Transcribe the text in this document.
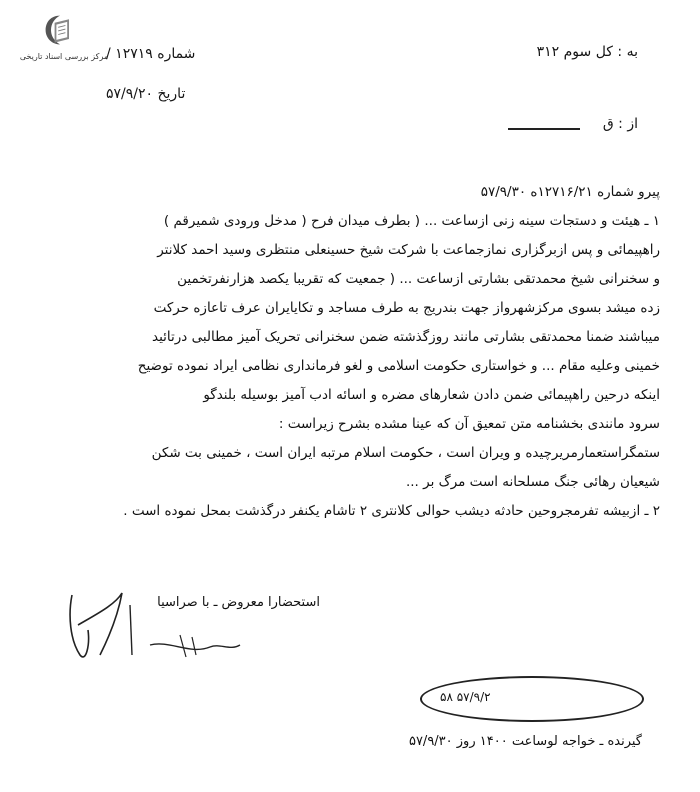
مرکز بررسی اسناد تاریخی	به : کل سوم ۳۱۲
شماره ۱۲۷۱۹ /
تاریخ ۵۷/۹/۲۰
از : ق
پیرو شماره ۱۲۷۱۶/۲۱ه ۵۷/۹/۳۰
۱ ـ هیئت و دستجات سینه زنی ازساعت ... ( بطرف میدان فرح ( مدخل ورودی شمیرقم )
راهپیمائی و پس ازبرگزاری نمازجماعت با شرکت شیخ حسینعلی منتظری وسید احمد کلانتر
و سخنرانی شیخ محمدتقی بشارتی ازساعت ... ( جمعیت که تقریبا یکصد هزارنفرتخمین
زده میشد بسوی مرکزشهرواز جهت بندریج به طرف مساجد و تکایایران عرف تاعازه حرکت
میباشند ضمنا محمدتقی بشارتی مانند روزگذشته ضمن سخنرانی تحریک آمیز مطالبی درتائید
خمینی وعلیه مقام ... و خواستاری حکومت اسلامی و لغو فرمانداری نظامی ایراد نموده توضیح
اینکه درحین راهپیمائی ضمن دادن شعارهای مضره و اسائه ادب آمیز بوسیله بلندگو
سرود مانندی بخشنامه متن تمعیق آن که عینا مشده بشرح زیراست :
ستمگراستعمارمریرچیده و ویران است ، حکومت اسلام مرتبه ایران است ، خمینی بت شکن
شیعیان رهائی جنگ مسلحانه است مرگ بر ...
۲ ـ ازبیشه تفرمجروحین حادثه دیشب حوالی کلانتری ۲ تاشام یکنفر درگذشت بمحل نموده است .
استحضارا معروض ـ با صراسیا
۵۷/۹/۲ ۵۸
گیرنده ـ خواجه لوساعت ۱۴۰۰ روز ۵۷/۹/۳۰
